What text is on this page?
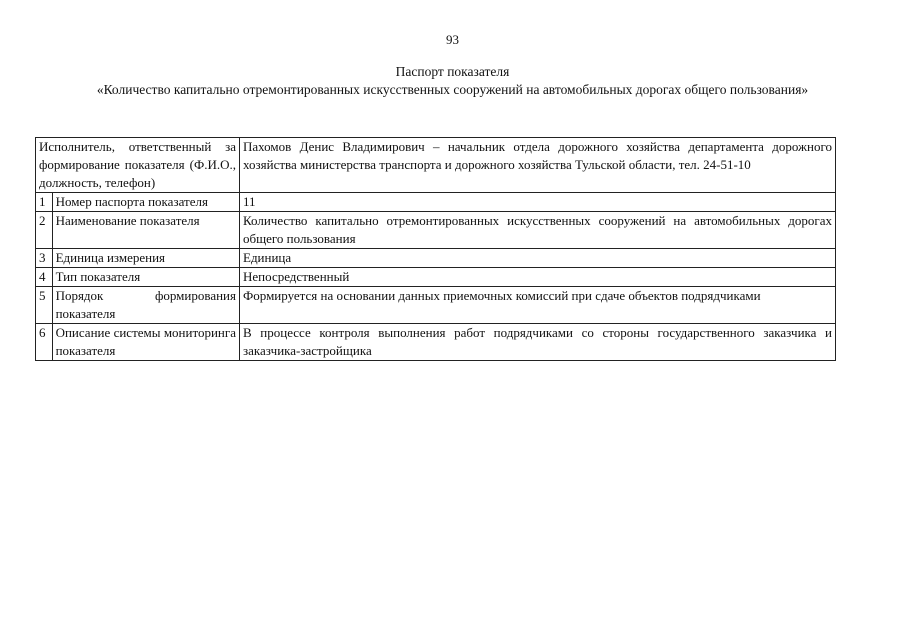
93
Паспорт показателя
«Количество капитально отремонтированных искусственных сооружений на автомобильных дорогах общего пользования»
Исполнитель, ответственный за формирование показателя (Ф.И.О., должность, телефон)		Пахомов Денис Владимирович – начальник отдела дорожного хозяйства департамента дорожного хозяйства министерства транспорта и дорожного хозяйства Тульской области, тел. 24-51-10
1	Номер паспорта показателя	11
2	Наименование показателя	Количество капитально отремонтированных искусственных сооружений на автомобильных дорогах общего пользования
3	Единица измерения	Единица
4	Тип показателя	Непосредственный
5	Порядок формирования показателя	Формируется на основании данных приемочных комиссий при сдаче объектов подрядчиками
6	Описание системы мониторинга показателя	В процессе контроля выполнения работ подрядчиками со стороны государственного заказчика и заказчика-застройщика
